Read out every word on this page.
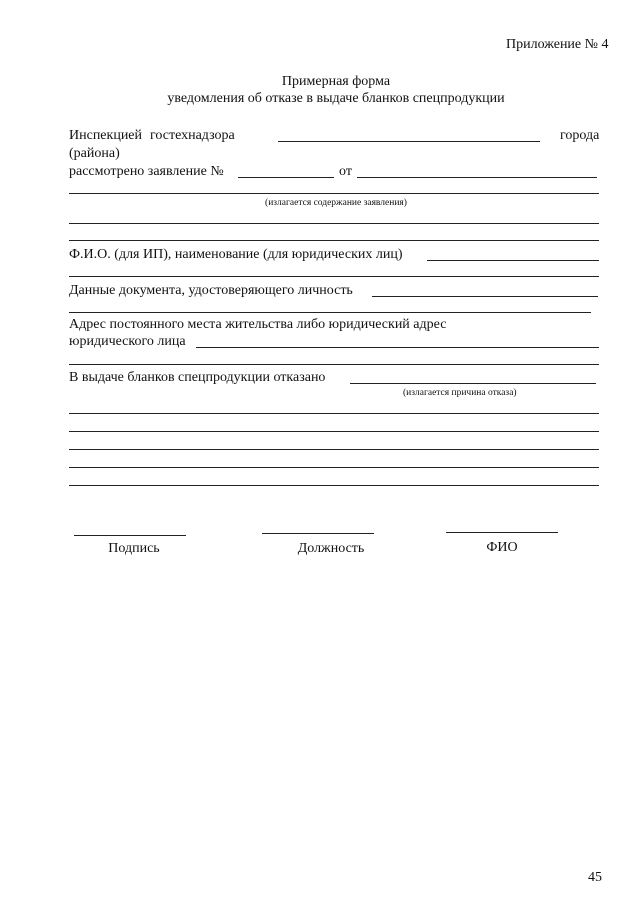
Приложение № 4
Примерная форма
уведомления об отказе в выдаче бланков спецпродукции
Инспекцией гостехнадзора	города
(района)
рассмотрено заявление №	от
(излагается содержание заявления)
Ф.И.О. (для ИП), наименование (для юридических лиц)
Данные документа, удостоверяющего личность
Адрес постоянного места жительства либо юридический адрес
юридического лица
В выдаче бланков спецпродукции отказано
(излагается причина отказа)
Подпись	Должность	ФИО
45
